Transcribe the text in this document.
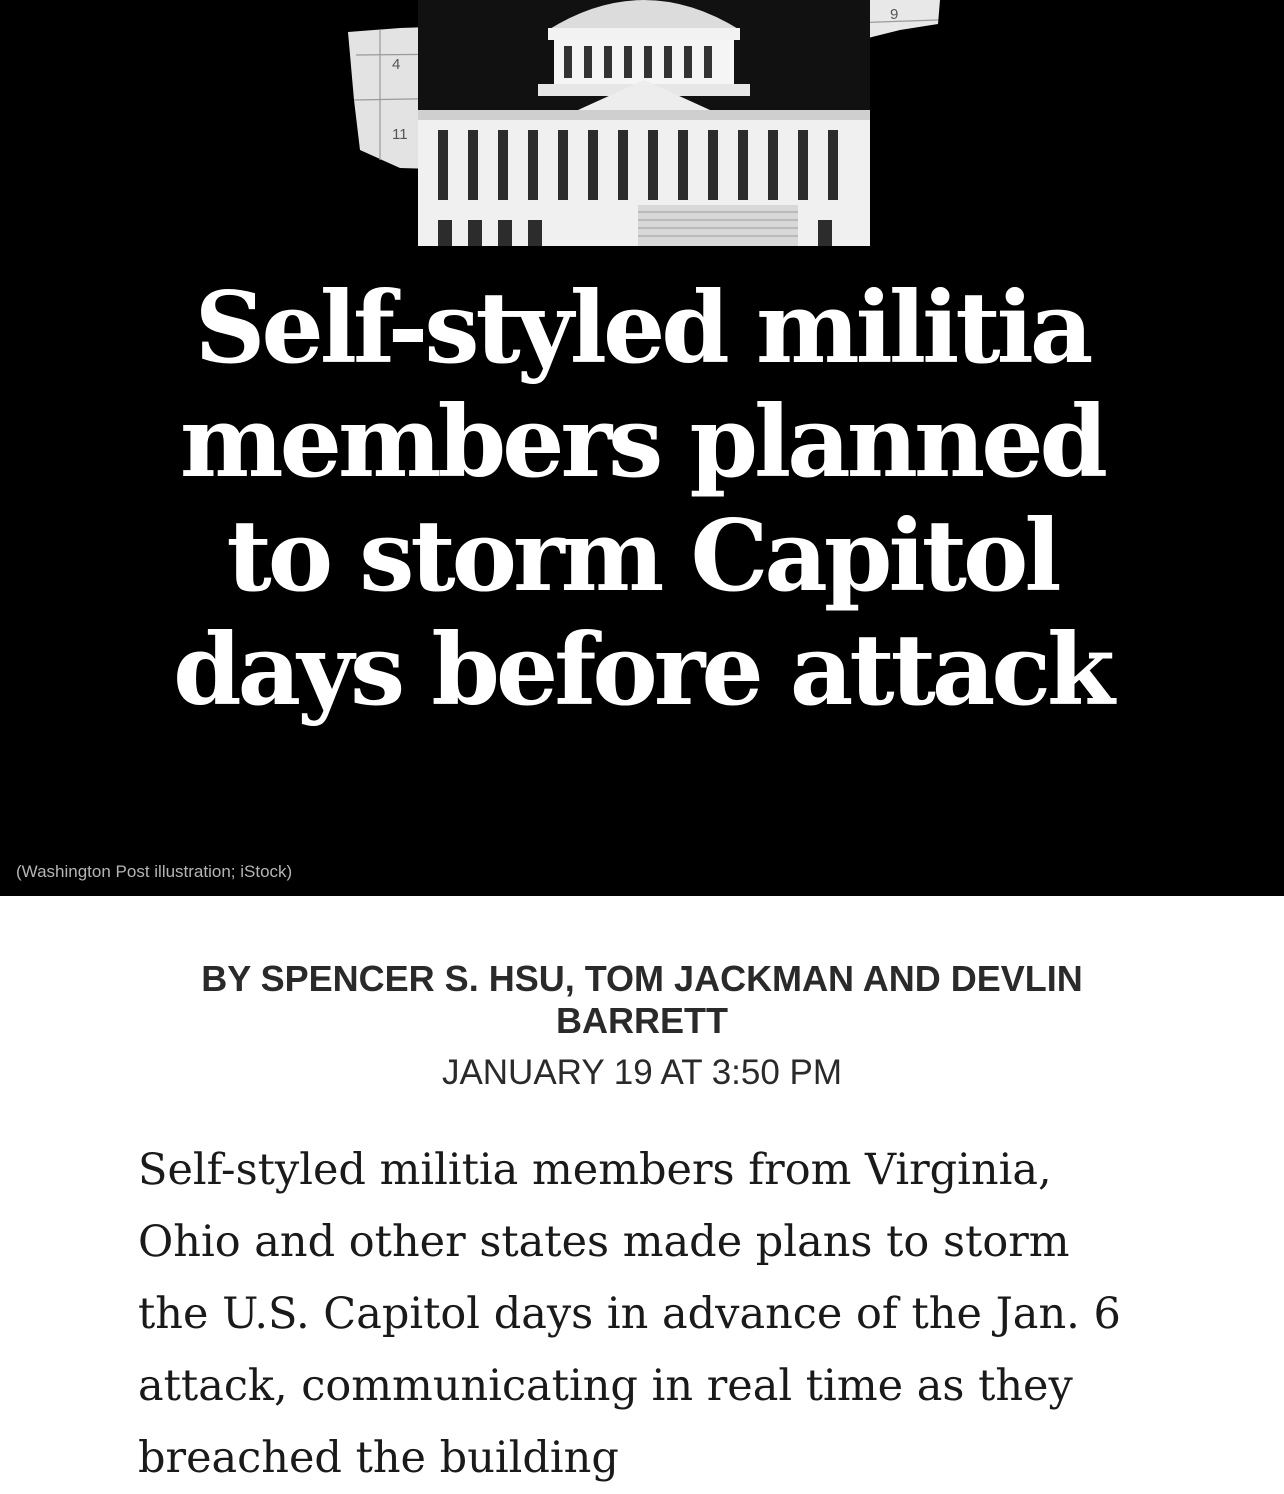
4
9
11
Self-styled militia members planned to storm Capitol days before attack

(Washington Post illustration; iStock)

BY SPENCER S. HSU, TOM JACKMAN AND DEVLIN BARRETT

JANUARY 19 AT 3:50 PM

Self-styled militia members from Virginia, Ohio and other states made plans to storm the U.S. Capitol days in advance of the Jan. 6 attack, communicating in real time as they breached the building
